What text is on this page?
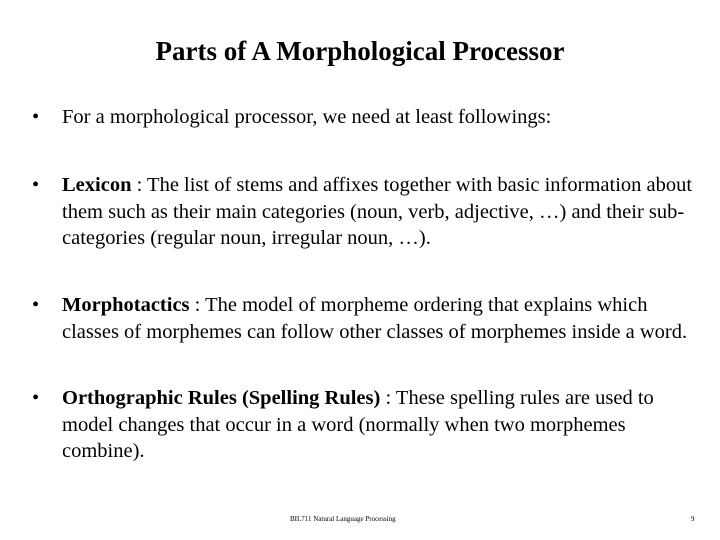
Parts of A Morphological Processor
•	For a morphological processor, we need at least followings:
•	Lexicon : The list of stems and affixes together with basic information about them such as their main categories (noun, verb, adjective, …) and their sub-categories (regular noun, irregular noun, …).
•	Morphotactics : The model of morpheme ordering that explains which classes of morphemes can follow other classes of morphemes inside a word.
•	Orthographic Rules (Spelling Rules) : These spelling rules are used to model changes that occur in a word (normally when two morphemes combine).
BIL711 Natural Language Processing	9
